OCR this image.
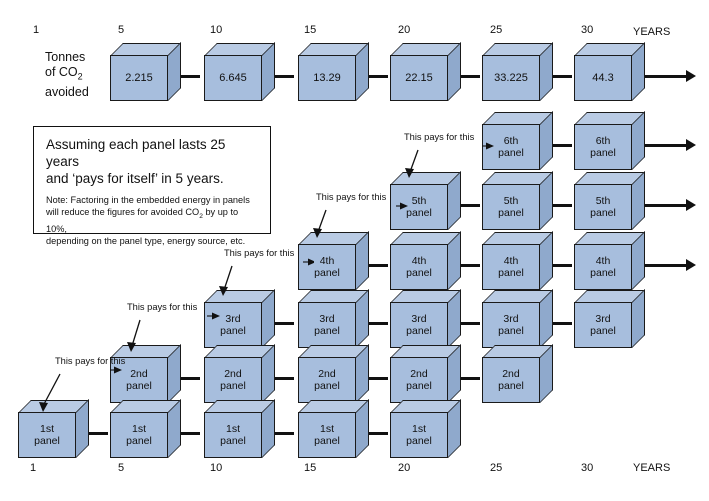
1	5	10	15	20	25	30	YEARS
Tonnes
of $CO_2$
avoided
2.215	6.645	13.29	22.15	33.225	44.3
Assuming each panel lasts 25 years
and ‘pays for itself’ in 5 years.
Note: Factoring in the embedded energy in panels
will reduce the figures for avoided $CO_2$ by up to 10%,
depending on the panel type, energy source, etc.
6th
panel
6th
panel
5th
panel
5th
panel
5th
panel
4th
panel
4th
panel
4th
panel
4th
panel
3rd
panel
3rd
panel
3rd
panel
3rd
panel
3rd
panel
2nd
panel
2nd
panel
2nd
panel
2nd
panel
2nd
panel
1st
panel
1st
panel
1st
panel
1st
panel
1st
panel
This pays for this
This pays for this
This pays for this
This pays for this
This pays for this
1	5	10	15	20	25	30	YEARS
